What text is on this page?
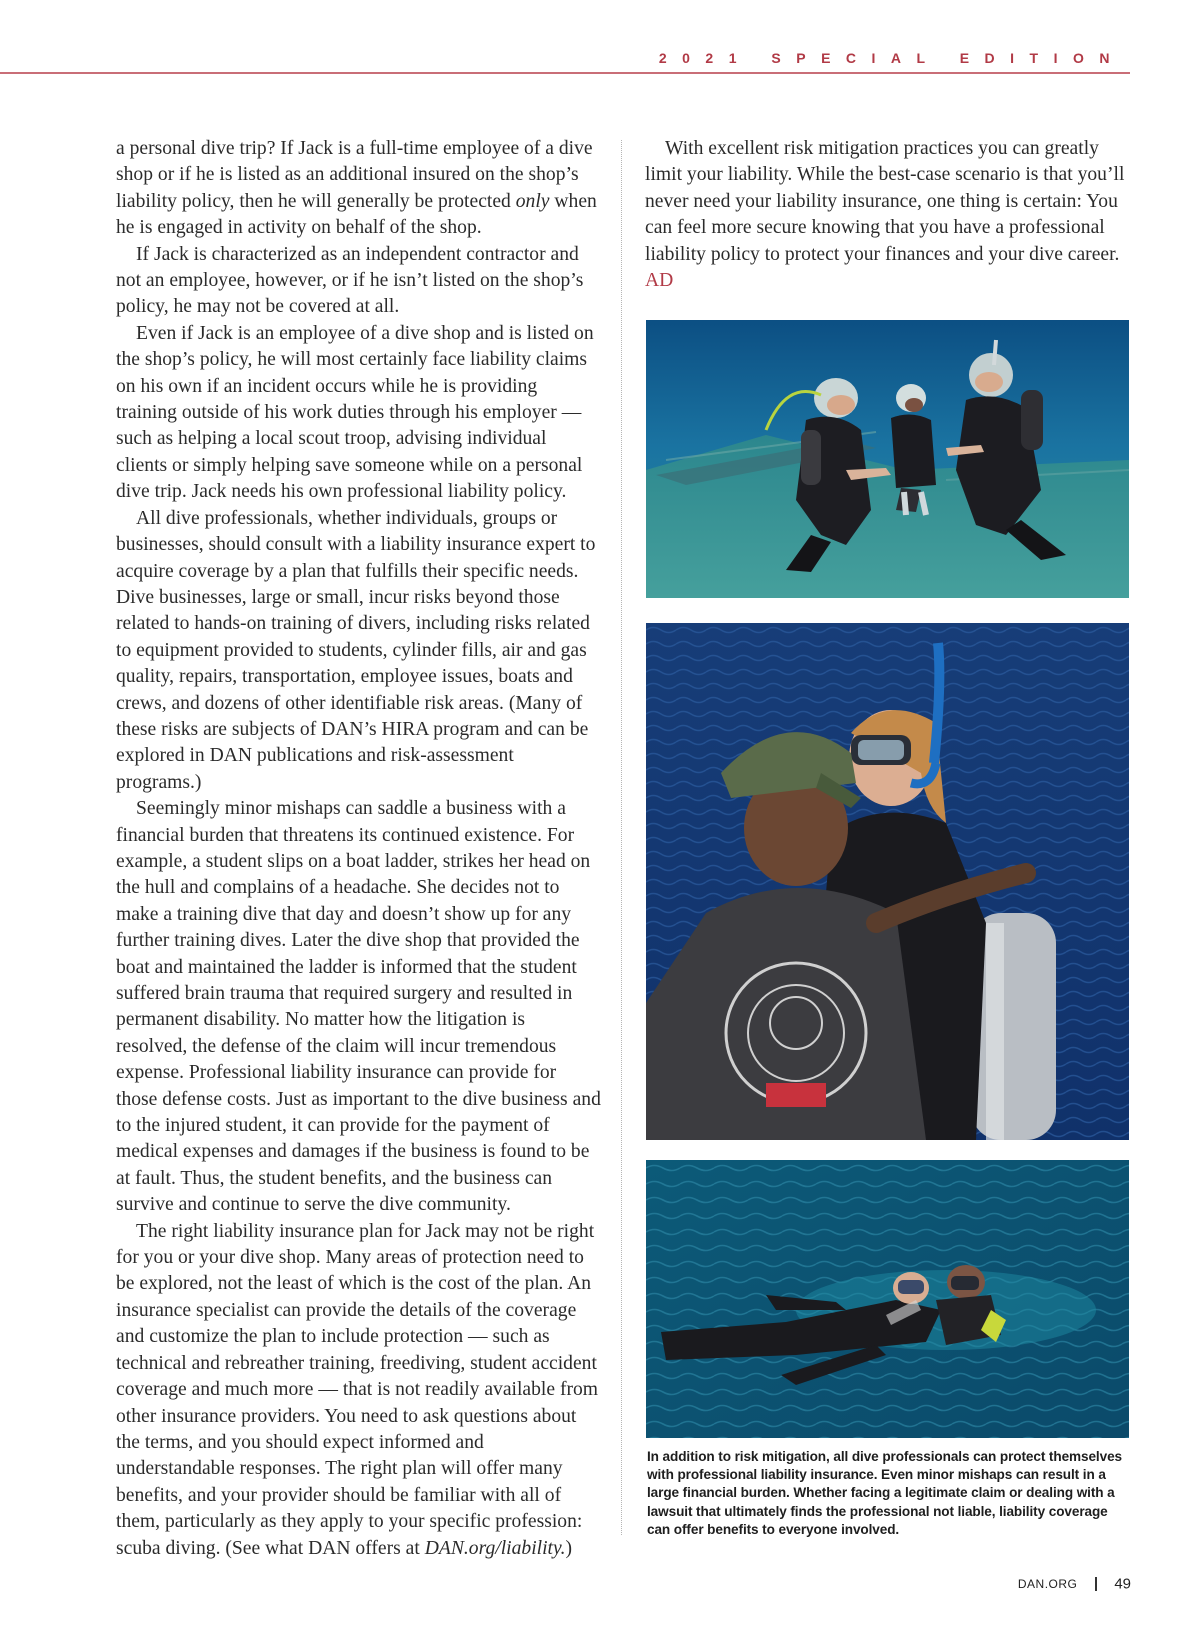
2021 SPECIAL EDITION

a personal dive trip? If Jack is a full-time employee of a dive shop or if he is listed as an additional insured on the shop’s liability policy, then he will generally be protected only when he is engaged in activity on behalf of the shop.

If Jack is characterized as an independent contractor and not an employee, however, or if he isn’t listed on the shop’s policy, he may not be covered at all.

Even if Jack is an employee of a dive shop and is listed on the shop’s policy, he will most certainly face liability claims on his own if an incident occurs while he is providing training outside of his work duties through his employer — such as helping a local scout troop, advising individual clients or simply helping save someone while on a personal dive trip. Jack needs his own professional liability policy.

All dive professionals, whether individuals, groups or businesses, should consult with a liability insurance expert to acquire coverage by a plan that fulfills their specific needs. Dive businesses, large or small, incur risks beyond those related to hands-on training of divers, including risks related to equipment provided to students, cylinder fills, air and gas quality, repairs, transportation, employee issues, boats and crews, and dozens of other identifiable risk areas. (Many of these risks are subjects of DAN’s HIRA program and can be explored in DAN publications and risk-assessment programs.)

Seemingly minor mishaps can saddle a business with a financial burden that threatens its continued existence. For example, a student slips on a boat ladder, strikes her head on the hull and complains of a headache. She decides not to make a training dive that day and doesn’t show up for any further training dives. Later the dive shop that provided the boat and maintained the ladder is informed that the student suffered brain trauma that required surgery and resulted in permanent disability. No matter how the litigation is resolved, the defense of the claim will incur tremendous expense. Professional liability insurance can provide for those defense costs. Just as important to the dive business and to the injured student, it can provide for the payment of medical expenses and damages if the business is found to be at fault. Thus, the student benefits, and the business can survive and continue to serve the dive community.

The right liability insurance plan for Jack may not be right for you or your dive shop. Many areas of protection need to be explored, not the least of which is the cost of the plan. An insurance specialist can provide the details of the coverage and customize the plan to include protection — such as technical and rebreather training, freediving, student accident coverage and much more — that is not readily available from other insurance providers. You need to ask questions about the terms, and you should expect informed and understandable responses. The right plan will offer many benefits, and your provider should be familiar with all of them, particularly as they apply to your specific profession: scuba diving. (See what DAN offers at DAN.org/liability.)

With excellent risk mitigation practices you can greatly limit your liability. While the best-case scenario is that you’ll never need your liability insurance, one thing is certain: You can feel more secure knowing that you have a professional liability policy to protect your finances and your dive career. AD

In addition to risk mitigation, all dive professionals can protect themselves with professional liability insurance. Even minor mishaps can result in a large financial burden. Whether facing a legitimate claim or dealing with a lawsuit that ultimately finds the professional not liable, liability coverage can offer benefits to everyone involved.
DAN.ORG 49
